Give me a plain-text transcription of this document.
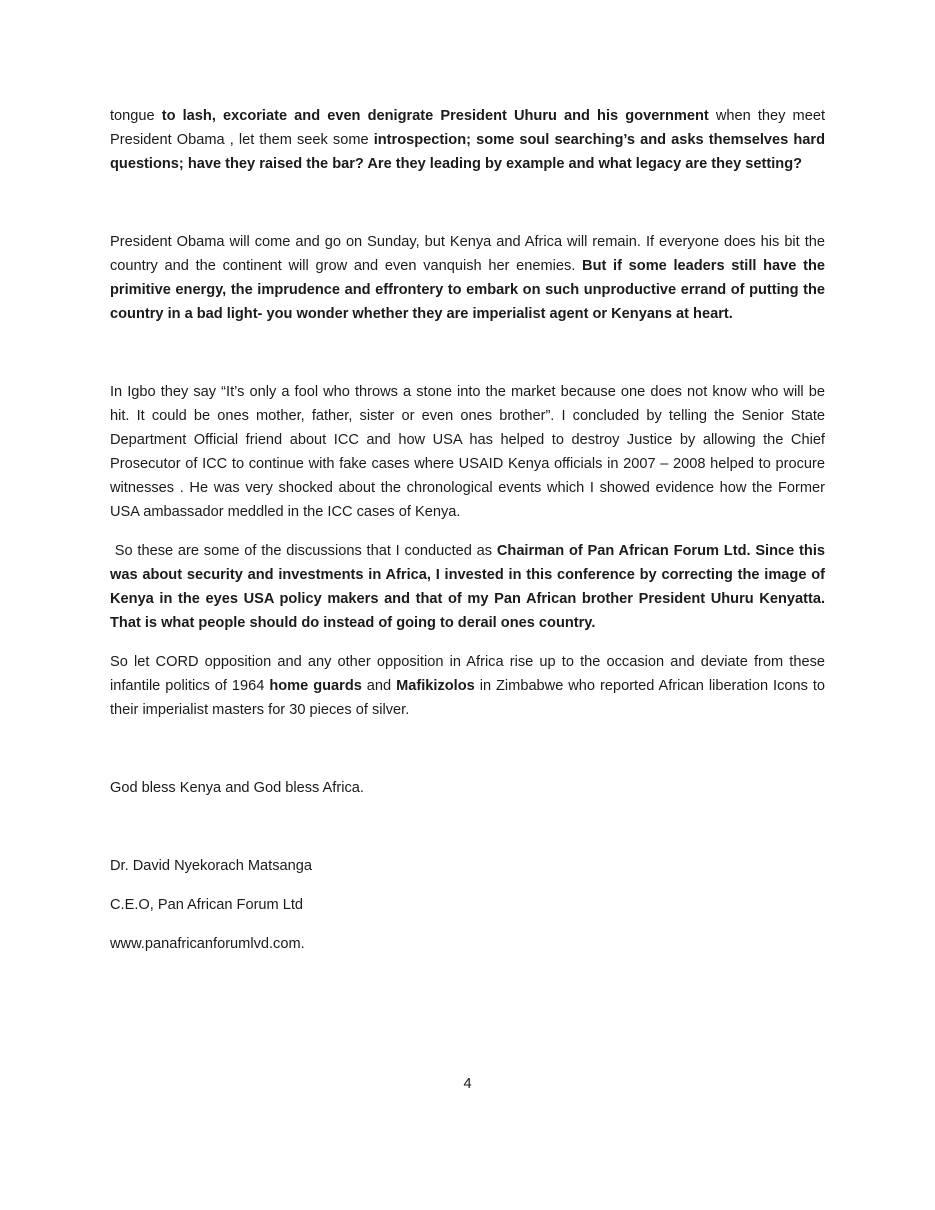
tongue to lash, excoriate and even denigrate President Uhuru and his government when they meet President Obama , let them seek some introspection; some soul searching’s and asks themselves hard questions; have they raised the bar? Are they leading by example and what legacy are they setting?

President Obama will come and go on Sunday, but Kenya and Africa will remain. If everyone does his bit the country and the continent will grow and even vanquish her enemies. But if some leaders still have the primitive energy, the imprudence and effrontery to embark on such unproductive errand of putting the country in a bad light- you wonder whether they are imperialist agent or Kenyans at heart.

In Igbo they say “It’s only a fool who throws a stone into the market because one does not know who will be hit. It could be ones mother, father, sister or even ones brother”. I concluded by telling the Senior State Department Official friend about ICC and how USA has helped to destroy Justice by allowing the Chief Prosecutor of ICC to continue with fake cases where USAID Kenya officials in 2007 – 2008 helped to procure witnesses . He was very shocked about the chronological events which I showed evidence how the Former USA ambassador meddled in the ICC cases of Kenya.

So these are some of the discussions that I conducted as Chairman of Pan African Forum Ltd. Since this was about security and investments in Africa, I invested in this conference by correcting the image of Kenya in the eyes USA policy makers and that of my Pan African brother President Uhuru Kenyatta. That is what people should do instead of going to derail ones country.

So let CORD opposition and any other opposition in Africa rise up to the occasion and deviate from these infantile politics of 1964 home guards and Mafikizolos in Zimbabwe who reported African liberation Icons to their imperialist masters for 30 pieces of silver.

God bless Kenya and God bless Africa.

Dr. David Nyekorach Matsanga

C.E.O, Pan African Forum Ltd

www.panafricanforumlvd.com.

4
